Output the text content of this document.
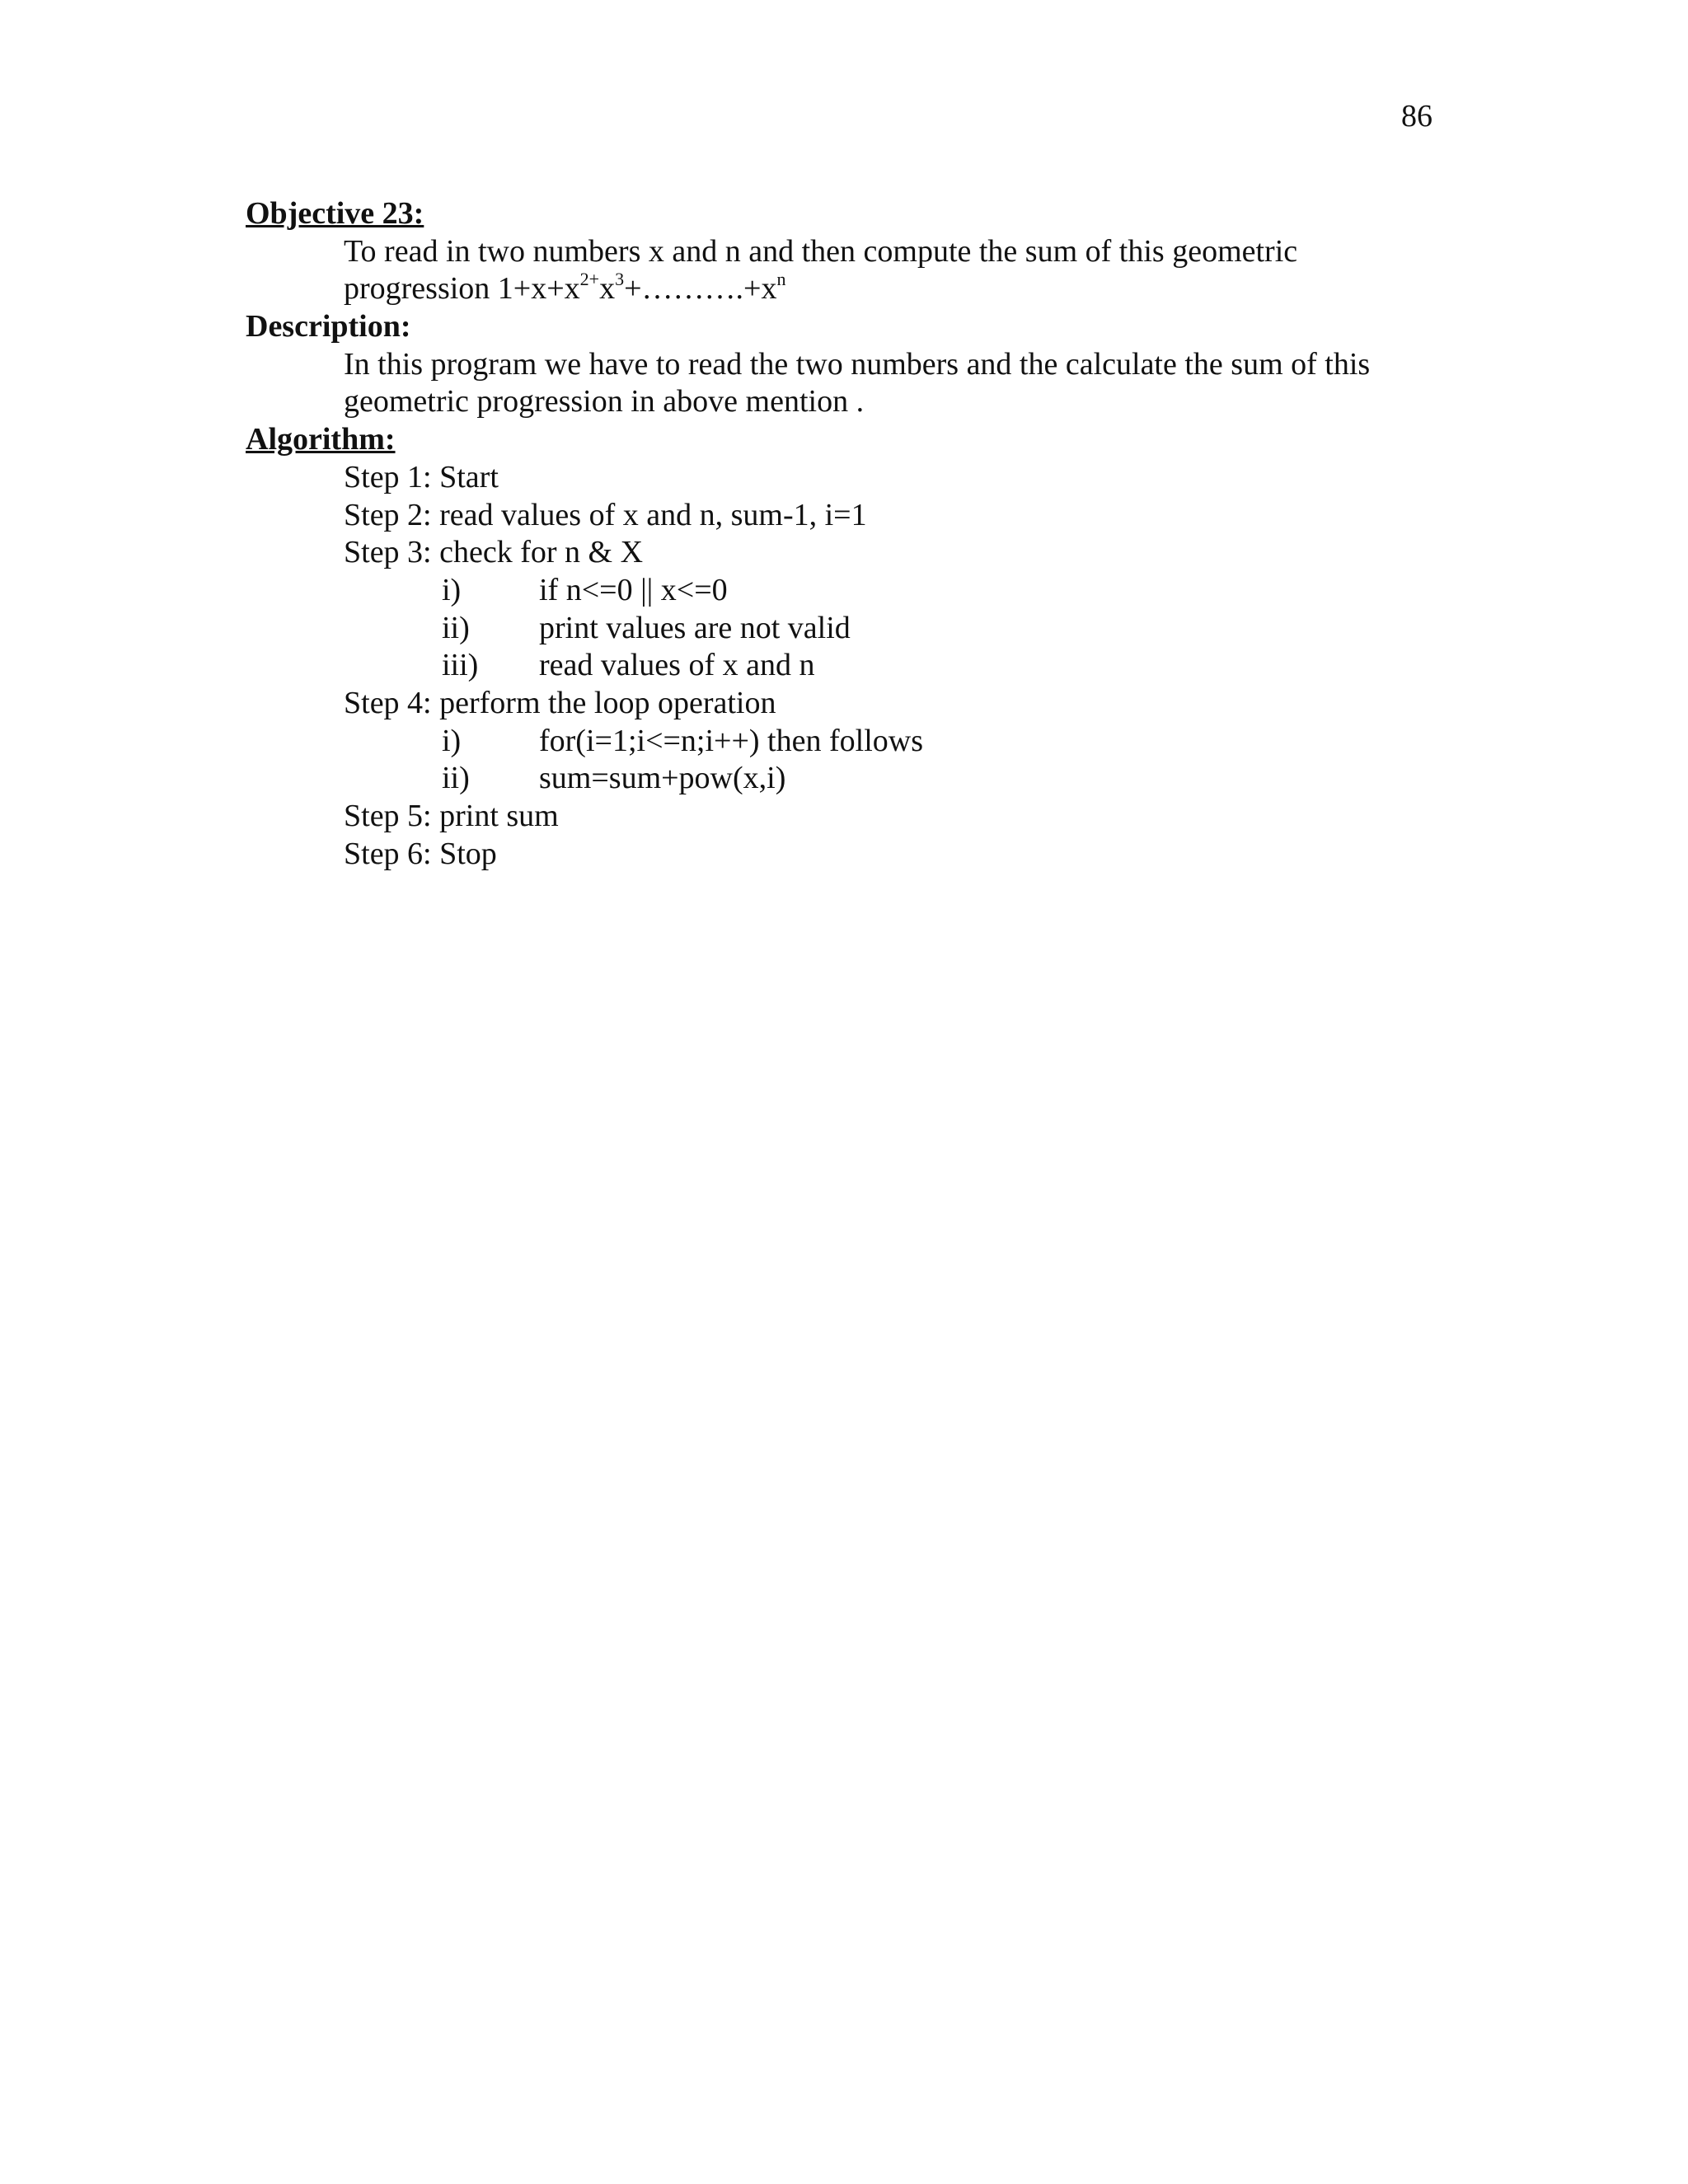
86
Objective 23:
To read in two numbers x and n and then compute the sum of this geometric
progression $1+x+x^{2+}x^3+\dots\dots\dots.+x^n$
Description:
In this program we have to read the two numbers and the calculate the sum of this
geometric progression in above mention .
Algorithm:
Step 1: Start
Step 2: read values of x and n, sum-1, i=1
Step 3: check for n & X
i)	if n<=0 || x<=0
ii)	print values are not valid
iii)	read values of x and n
Step 4: perform the loop operation
i)	for(i=1;i<=n;i++) then follows
ii)	sum=sum+pow(x,i)
Step 5: print sum
Step 6: Stop
